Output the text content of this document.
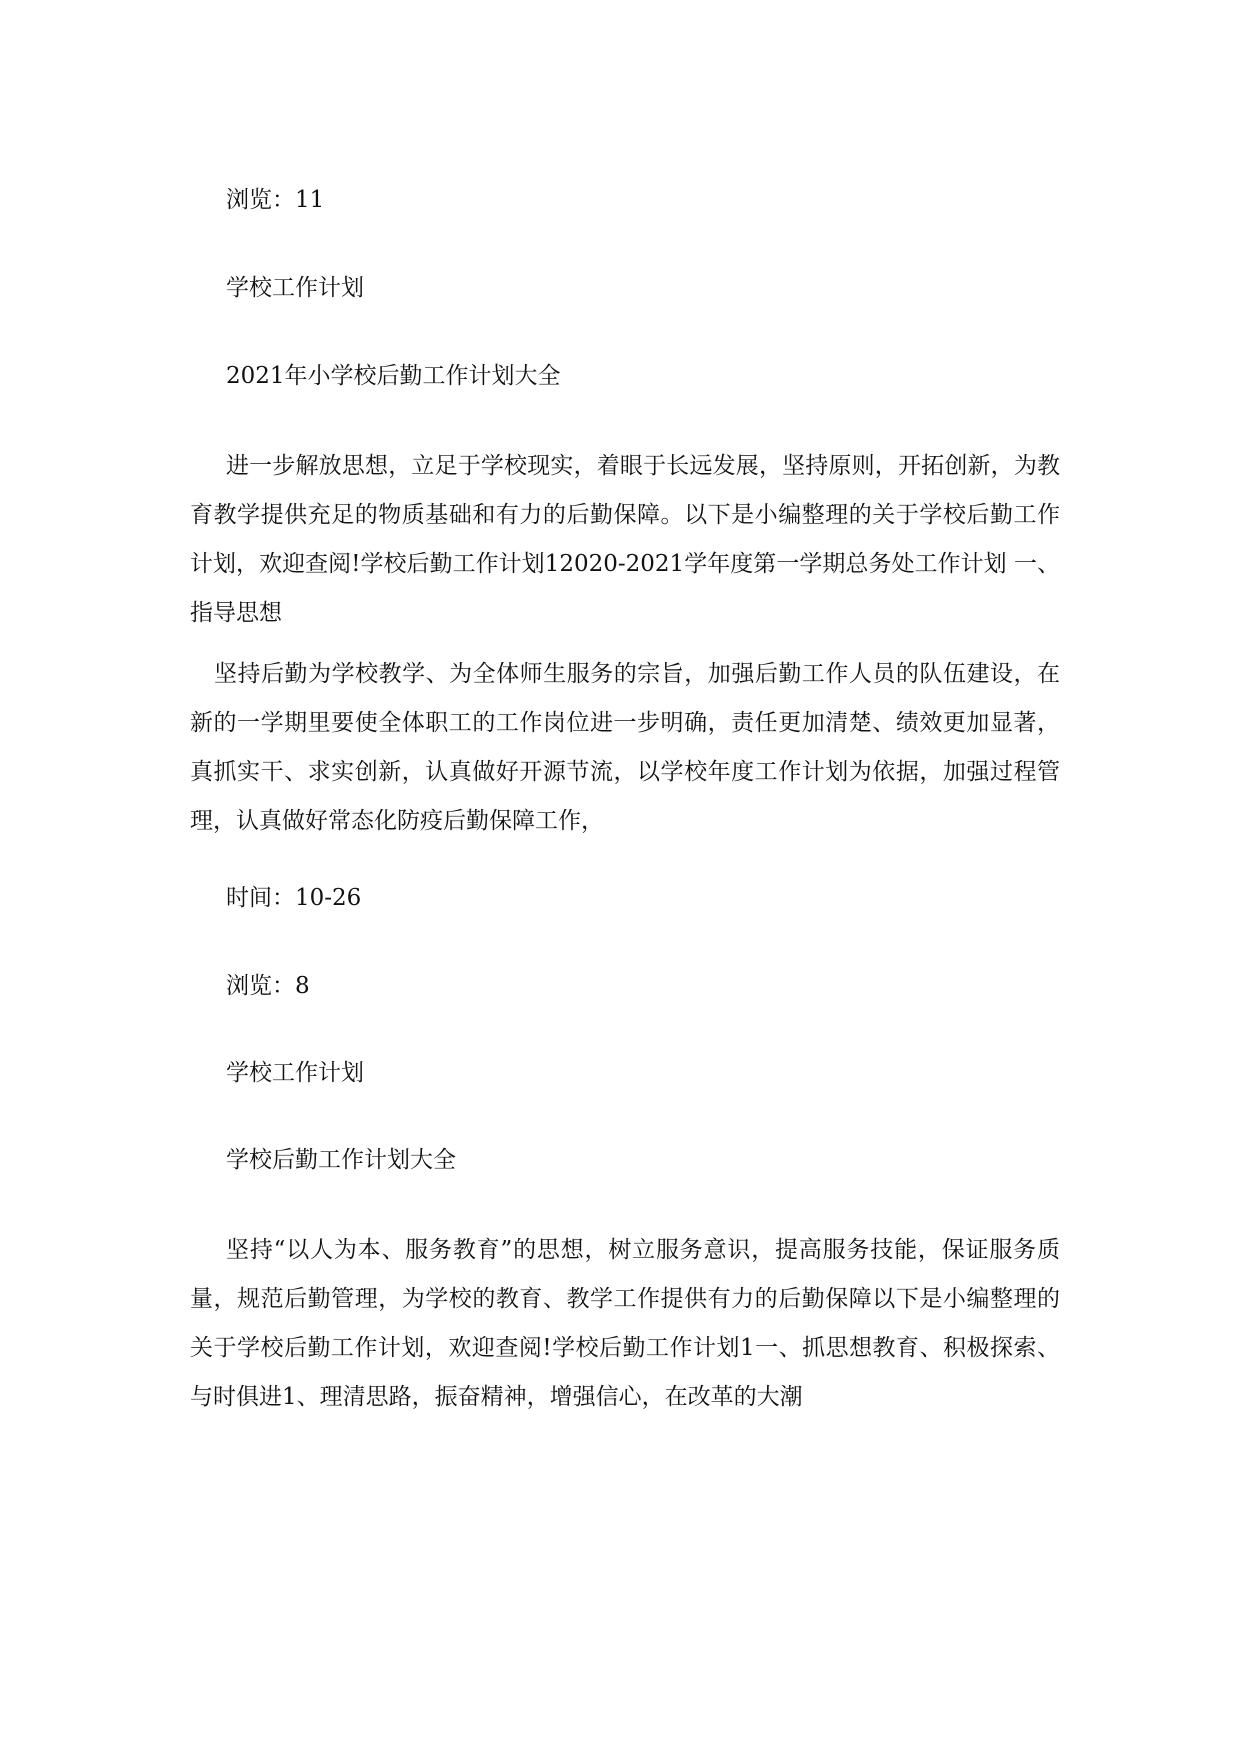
浏览：11

学校工作计划

2021年小学校后勤工作计划大全

进一步解放思想，立足于学校现实，着眼于长远发展，坚持原则，开拓创新，为教育教学提供充足的物质基础和有力的后勤保障。以下是小编整理的关于学校后勤工作计划，欢迎查阅!学校后勤工作计划12020-2021学年度第一学期总务处工作计划 一、指导思想

坚持后勤为学校教学、为全体师生服务的宗旨，加强后勤工作人员的队伍建设，在新的一学期里要使全体职工的工作岗位进一步明确，责任更加清楚、绩效更加显著，真抓实干、求实创新，认真做好开源节流，以学校年度工作计划为依据，加强过程管理，认真做好常态化防疫后勤保障工作，

时间：10-26

浏览：8

学校工作计划

学校后勤工作计划大全

坚持“以人为本、服务教育”的思想，树立服务意识，提高服务技能，保证服务质量，规范后勤管理，为学校的教育、教学工作提供有力的后勤保障以下是小编整理的关于学校后勤工作计划，欢迎查阅!学校后勤工作计划1一、抓思想教育、积极探索、与时俱进1、理清思路，振奋精神，增强信心，在改革的大潮
